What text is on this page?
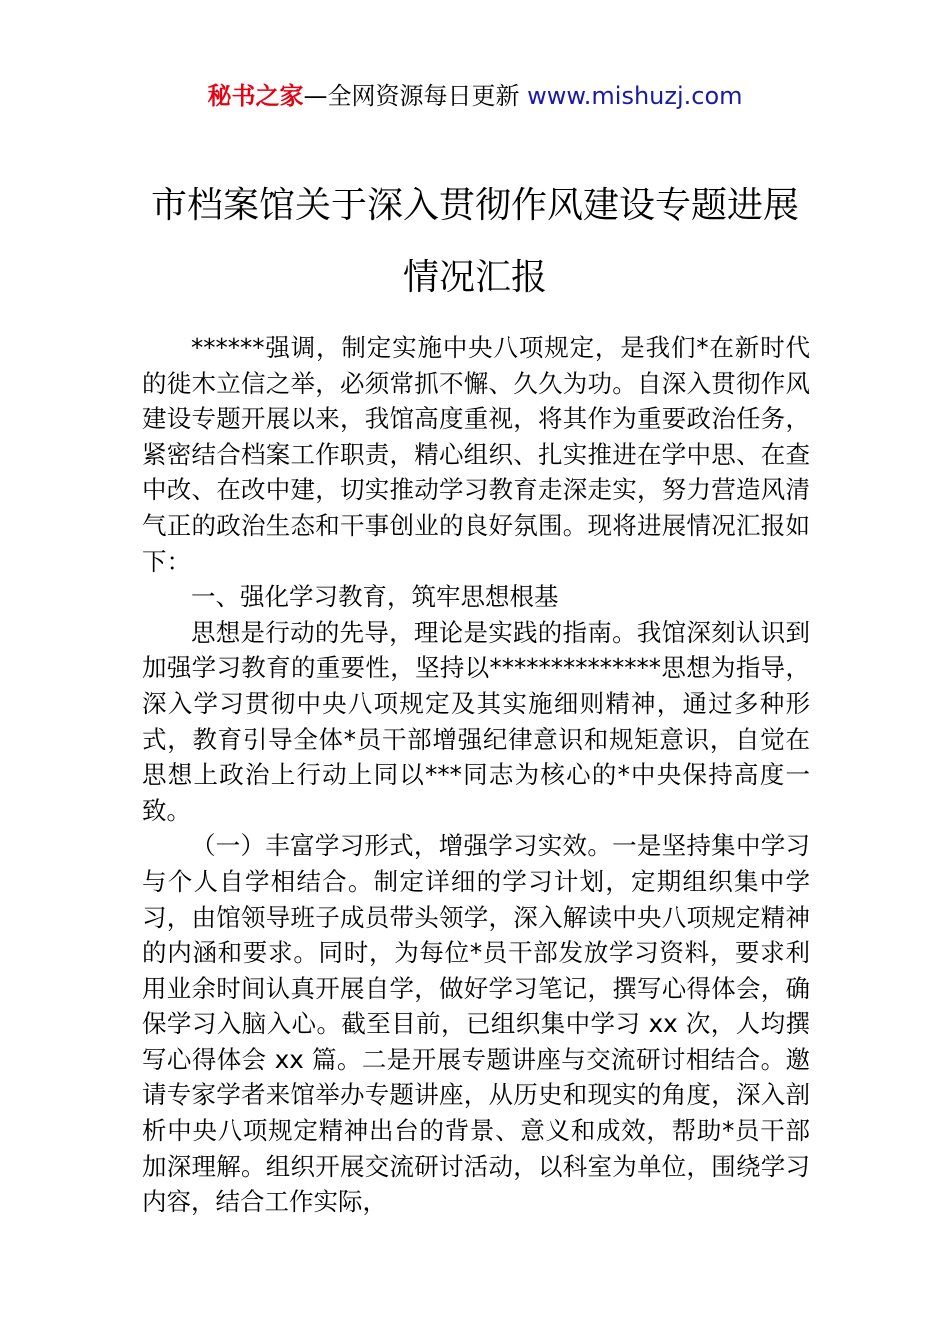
秘书之家—全网资源每日更新 www.mishuzj.com
市档案馆关于深入贯彻作风建设专题进展
情况汇报

******强调，制定实施中央八项规定，是我们*在新时代的徙木立信之举，必须常抓不懈、久久为功。自深入贯彻作风建设专题开展以来，我馆高度重视，将其作为重要政治任务，紧密结合档案工作职责，精心组织、扎实推进在学中思、在查中改、在改中建，切实推动学习教育走深走实，努力营造风清气正的政治生态和干事创业的良好氛围。现将进展情况汇报如下：

一、强化学习教育，筑牢思想根基

思想是行动的先导，理论是实践的指南。我馆深刻认识到加强学习教育的重要性，坚持以**************思想为指导，深入学习贯彻中央八项规定及其实施细则精神，通过多种形式，教育引导全体*员干部增强纪律意识和规矩意识，自觉在思想上政治上行动上同以***同志为核心的*中央保持高度一致。

（一）丰富学习形式，增强学习实效。一是坚持集中学习与个人自学相结合。制定详细的学习计划，定期组织集中学习，由馆领导班子成员带头领学，深入解读中央八项规定精神的内涵和要求。同时，为每位*员干部发放学习资料，要求利用业余时间认真开展自学，做好学习笔记，撰写心得体会，确保学习入脑入心。截至目前，已组织集中学习 xx 次，人均撰写心得体会 xx 篇。二是开展专题讲座与交流研讨相结合。邀请专家学者来馆举办专题讲座，从历史和现实的角度，深入剖析中央八项规定精神出台的背景、意义和成效，帮助*员干部加深理解。组织开展交流研讨活动，以科室为单位，围绕学习内容，结合工作实际，
